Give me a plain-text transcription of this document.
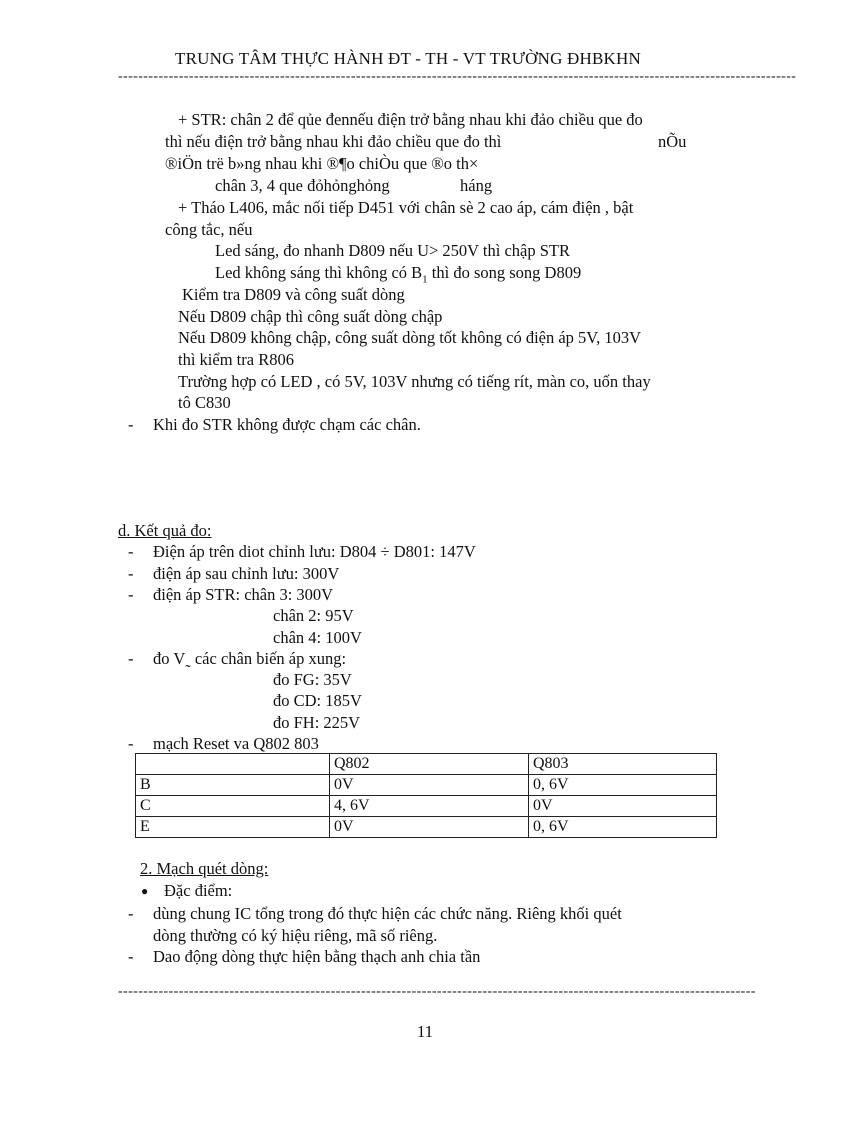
TRUNG TÂM THỰC HÀNH ĐT - TH - VT TRƯỜNG ĐHBKHN
--------------------------------------------------------------------------------------------------------------------------------------
+ STR: chân 2 để qủe đennếu điện trở bằng nhau khi đảo chiều que đo
thì nếu điện trở bằng nhau khi đảo chiều que đo thì	nÕu
®iÖn trë b»ng nhau khi ®¶o chiÒu que ®o th×
chân 3, 4 que đỏhỏnghỏng	háng
+ Tháo L406, mắc nối tiếp D451 với chân sè 2 cao áp, cám điện , bật
công tắc, nếu
Led sáng, đo nhanh D809 nếu U> 250V thì chập STR
Led không sáng thì không có $B_1$ thì đo song song D809
Kiểm tra D809 và công suất dòng
Nếu D809 chập thì công suất dòng chập
Nếu D809 không chập, công suất dòng tốt không có điện áp 5V, 103V
thì kiểm tra R806
Trường hợp có LED , có 5V, 103V nhưng có tiếng rít, màn co, uốn thay
tô C830
- Khi đo STR không được chạm các chân.
d. Kết quả đo:
- Điện áp trên diot chỉnh lưu: D804 ÷ D801: 147V
- điện áp sau chỉnh lưu: 300V
- điện áp STR: chân 3: 300V
chân 2: 95V
chân 4: 100V
- đo V˷ các chân biến áp xung:
đo FG: 35V
đo CD: 185V
đo FH: 225V
- mạch Reset va Q802 803
	Q802	Q803
B	0V	0, 6V
C	4, 6V	0V
E	0V	0, 6V
2. Mạch quét dòng:
● Đặc điểm:
- dùng chung IC tổng trong đó thực hiện các chức năng. Riêng khối quét
dòng thường có ký hiệu riêng, mã số riêng.
- Dao động dòng thực hiện bằng thạch anh chia tần
------------------------------------------------------------------------------------------------------------------------------
11
